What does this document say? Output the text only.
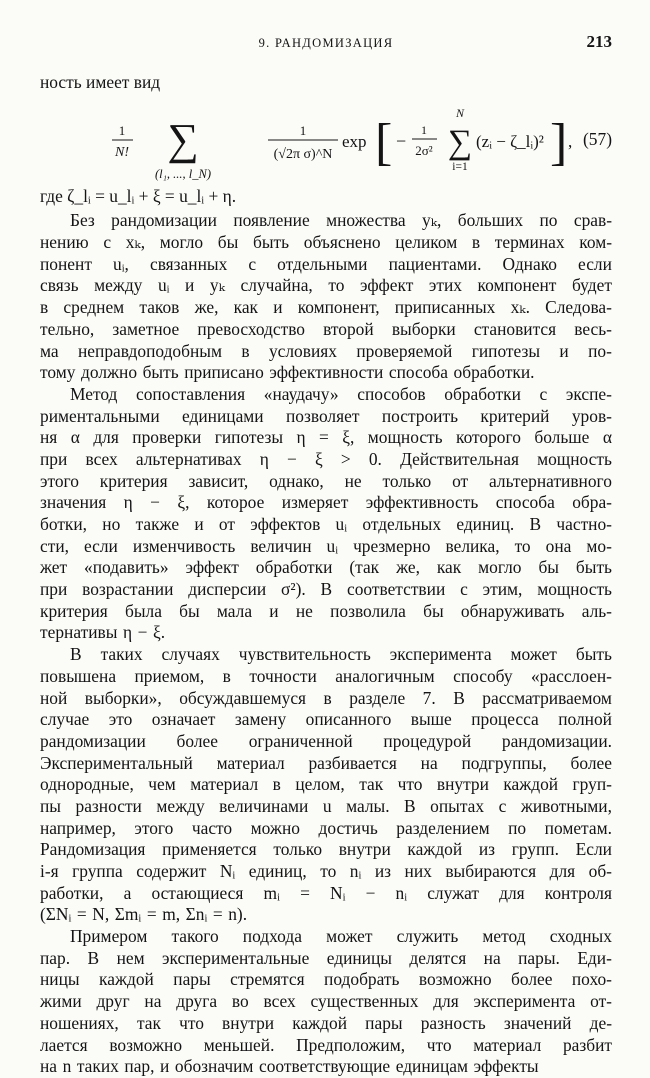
9. РАНДОМИЗАЦИЯ	213
ность имеет вид
1
N! ∑
(l₁, ..., l_N)
1
(√2π σ)^N
exp [ −
1
2σ²
N
∑
i=1
(zᵢ − ζ_lᵢ)² ] , (57)
где ζ_lᵢ = u_lᵢ + ξ = u_lᵢ + η.
Без рандомизации появление множества yₖ, больших по срав-
нению с xₖ, могло бы быть объяснено целиком в терминах ком-
понент uᵢ, связанных с отдельными пациентами. Однако если
связь между uᵢ и yₖ случайна, то эффект этих компонент будет
в среднем таков же, как и компонент, приписанных xₖ. Следова-
тельно, заметное превосходство второй выборки становится весь-
ма неправдоподобным в условиях проверяемой гипотезы и по-
тому должно быть приписано эффективности способа обработки.
Метод сопоставления «наудачу» способов обработки с экспе-
риментальными единицами позволяет построить критерий уров-
ня α для проверки гипотезы η = ξ, мощность которого больше α
при всех альтернативах η − ξ > 0. Действительная мощность
этого критерия зависит, однако, не только от альтернативного
значения η − ξ, которое измеряет эффективность способа обра-
ботки, но также и от эффектов uᵢ отдельных единиц. В частно-
сти, если изменчивость величин uᵢ чрезмерно велика, то она мо-
жет «подавить» эффект обработки (так же, как могло бы быть
при возрастании дисперсии σ²). В соответствии с этим, мощность
критерия была бы мала и не позволила бы обнаруживать аль-
тернативы η − ξ.
В таких случаях чувствительность эксперимента может быть
повышена приемом, в точности аналогичным способу «расслоен-
ной выборки», обсуждавшемуся в разделе 7. В рассматриваемом
случае это означает замену описанного выше процесса полной
рандомизации более ограниченной процедурой рандомизации.
Экспериментальный материал разбивается на подгруппы, более
однородные, чем материал в целом, так что внутри каждой груп-
пы разности между величинами u малы. В опытах с животными,
например, этого часто можно достичь разделением по пометам.
Рандомизация применяется только внутри каждой из групп. Если
i-я группа содержит Nᵢ единиц, то nᵢ из них выбираются для об-
работки, а остающиеся mᵢ = Nᵢ − nᵢ служат для контроля
(ΣNᵢ = N, Σmᵢ = m, Σnᵢ = n).
Примером такого подхода может служить метод сходных
пар. В нем экспериментальные единицы делятся на пары. Еди-
ницы каждой пары стремятся подобрать возможно более похо-
жими друг на друга во всех существенных для эксперимента от-
ношениях, так что внутри каждой пары разность значений де-
лается возможно меньшей. Предположим, что материал разбит
на n таких пар, и обозначим соответствующие единицам эффекты
